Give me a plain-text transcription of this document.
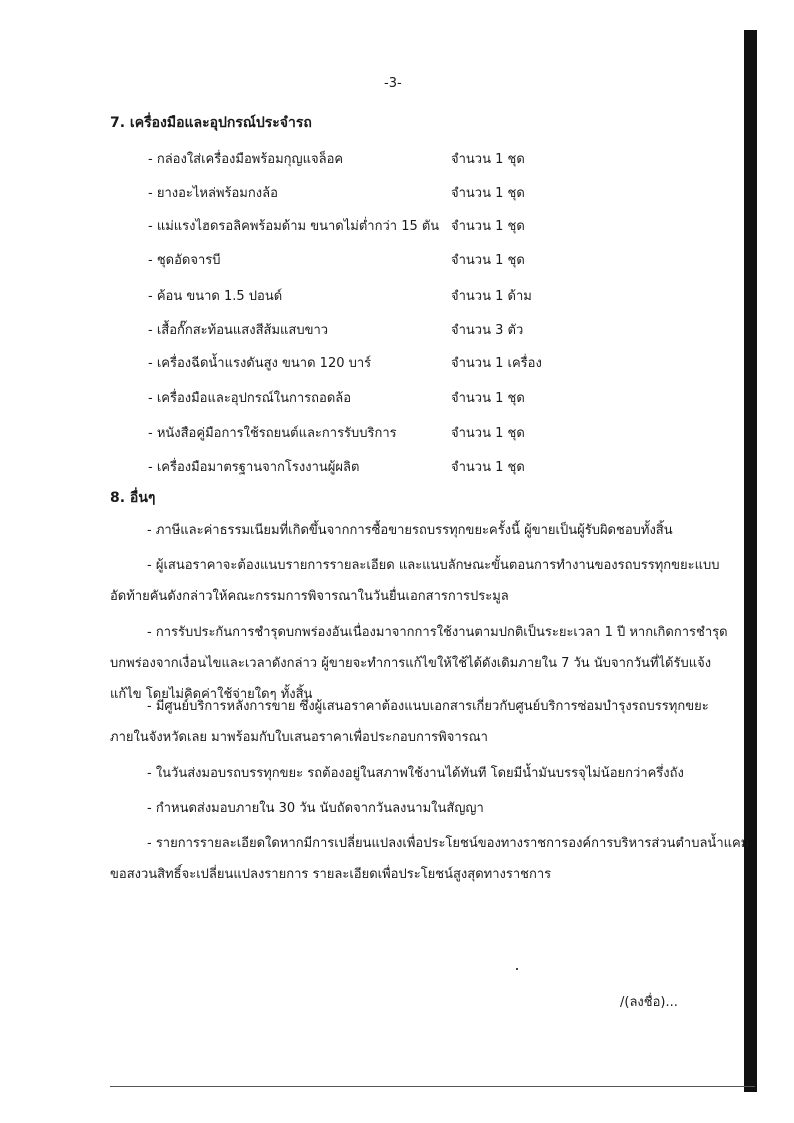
-3-
7. เครื่องมือและอุปกรณ์ประจำรถ
- กล่องใส่เครื่องมือพร้อมกุญแจล็อค	จำนวน 1 ชุด
- ยางอะไหล่พร้อมกงล้อ	จำนวน 1 ชุด
- แม่แรงไฮดรอลิคพร้อมด้าม ขนาดไม่ต่ำกว่า 15 ตัน จำนวน 1 ชุด
- ชุดอัดจารบี	จำนวน 1 ชุด
- ค้อน ขนาด 1.5 ปอนด์	จำนวน 1 ด้าม
- เสื้อกั๊กสะท้อนแสงสีส้มแสบขาว	จำนวน 3 ตัว
- เครื่องฉีดน้ำแรงดันสูง ขนาด 120 บาร์	จำนวน 1 เครื่อง
- เครื่องมือและอุปกรณ์ในการถอดล้อ	จำนวน 1 ชุด
- หนังสือคู่มือการใช้รถยนต์และการรับบริการ	จำนวน 1 ชุด
- เครื่องมือมาตรฐานจากโรงงานผู้ผลิต	จำนวน 1 ชุด
8. อื่นๆ
- ภาษีและค่าธรรมเนียมที่เกิดขึ้นจากการซื้อขายรถบรรทุกขยะครั้งนี้ ผู้ขายเป็นผู้รับผิดชอบทั้งสิ้น
- ผู้เสนอราคาจะต้องแนบรายการรายละเอียด และแนบลักษณะขั้นตอนการทำงานของรถบรรทุกขยะแบบ
อัดท้ายคันดังกล่าวให้คณะกรรมการพิจารณาในวันยื่นเอกสารการประมูล
- การรับประกันการชำรุดบกพร่องอันเนื่องมาจากการใช้งานตามปกติเป็นระยะเวลา 1 ปี หากเกิดการชำรุด
บกพร่องจากเงื่อนไขและเวลาดังกล่าว ผู้ขายจะทำการแก้ไขให้ใช้ได้ดังเดิมภายใน 7 วัน นับจากวันที่ได้รับแจ้ง
แก้ไข โดยไม่คิดค่าใช้จ่ายใดๆ ทั้งสิ้น
- มีศูนย์บริการหลังการขาย ซึ่งผู้เสนอราคาต้องแนบเอกสารเกี่ยวกับศูนย์บริการซ่อมบำรุงรถบรรทุกขยะ
ภายในจังหวัดเลย มาพร้อมกับใบเสนอราคาเพื่อประกอบการพิจารณา
- ในวันส่งมอบรถบรรทุกขยะ รถต้องอยู่ในสภาพใช้งานได้ทันที โดยมีน้ำมันบรรจุไม่น้อยกว่าครึ่งถัง
- กำหนดส่งมอบภายใน 30 วัน นับถัดจากวันลงนามในสัญญา
- รายการรายละเอียดใดหากมีการเปลี่ยนแปลงเพื่อประโยชน์ของทางราชการองค์การบริหารส่วนตำบลน้ำแคม
ขอสงวนสิทธิ์จะเปลี่ยนแปลงรายการ รายละเอียดเพื่อประโยชน์สูงสุดทางราชการ
/(ลงชื่อ)...
